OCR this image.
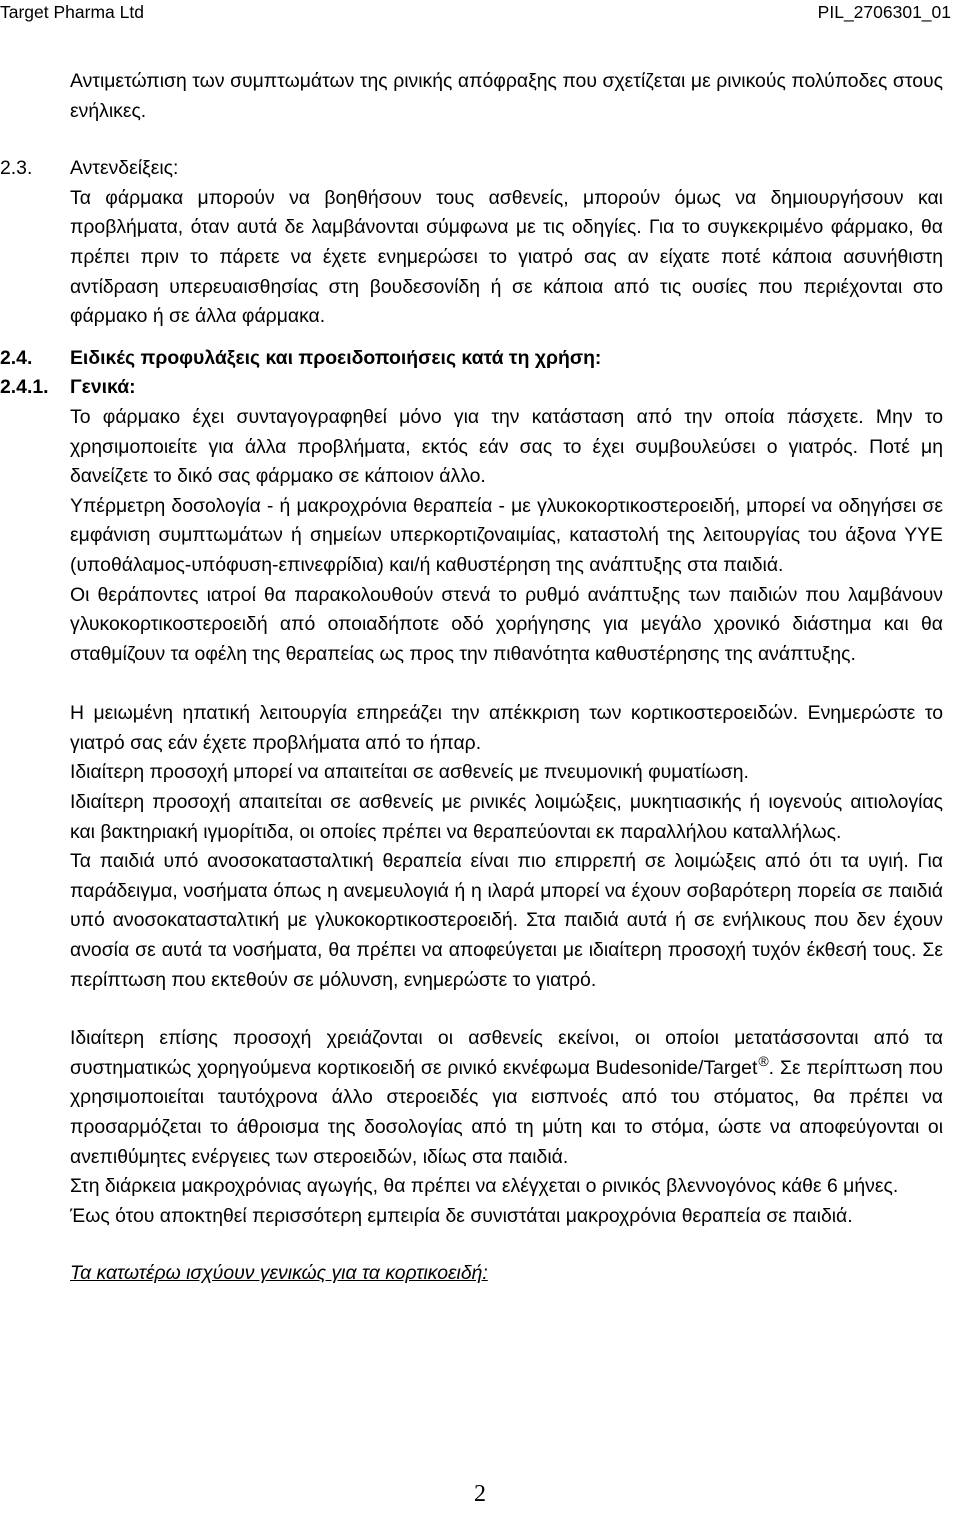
Target Pharma Ltd	PIL_2706301_01

Αντιμετώπιση των συμπτωμάτων της ρινικής απόφραξης που σχετίζεται με ρινικούς πολύποδες στους ενήλικες.

2.3. Αντενδείξεις:

Τα φάρμακα μπορούν να βοηθήσουν τους ασθενείς, μπορούν όμως να δημιουργήσουν και προβλήματα, όταν αυτά δε λαμβάνονται σύμφωνα με τις οδηγίες. Για το συγκεκριμένο φάρμακο, θα πρέπει πριν το πάρετε να έχετε ενημερώσει το γιατρό σας αν είχατε ποτέ κάποια ασυνήθιστη αντίδραση υπερευαισθησίας στη βουδεσονίδη ή σε κάποια από τις ουσίες που περιέχονται στο φάρμακο ή σε άλλα φάρμακα.

2.4. Ειδικές προφυλάξεις και προειδοποιήσεις κατά τη χρήση:
2.4.1. Γενικά:

Το φάρμακο έχει συνταγογραφηθεί μόνο για την κατάσταση από την οποία πάσχετε. Μην το χρησιμοποιείτε για άλλα προβλήματα, εκτός εάν σας το έχει συμβουλεύσει ο γιατρός. Ποτέ μη δανείζετε το δικό σας φάρμακο σε κάποιον άλλο.

Υπέρμετρη δοσολογία - ή μακροχρόνια θεραπεία - με γλυκοκορτικοστεροειδή, μπορεί να οδηγήσει σε εμφάνιση συμπτωμάτων ή σημείων υπερκορτιζοναιμίας, καταστολή της λειτουργίας του άξονα ΥΥΕ (υποθάλαμος-υπόφυση-επινεφρίδια) και/ή καθυστέρηση της ανάπτυξης στα παιδιά.

Οι θεράποντες ιατροί θα παρακολουθούν στενά το ρυθμό ανάπτυξης των παιδιών που λαμβάνουν γλυκοκορτικοστεροειδή από οποιαδήποτε οδό χορήγησης για μεγάλο χρονικό διάστημα και θα σταθμίζουν τα οφέλη της θεραπείας ως προς την πιθανότητα καθυστέρησης της ανάπτυξης.

Η μειωμένη ηπατική λειτουργία επηρεάζει την απέκκριση των κορτικοστεροειδών. Ενημερώστε το γιατρό σας εάν έχετε προβλήματα από το ήπαρ.

Ιδιαίτερη προσοχή μπορεί να απαιτείται σε ασθενείς με πνευμονική φυματίωση.

Ιδιαίτερη προσοχή απαιτείται σε ασθενείς με ρινικές λοιμώξεις, μυκητιασικής ή ιογενούς αιτιολογίας και βακτηριακή ιγμορίτιδα, οι οποίες πρέπει να θεραπεύονται εκ παραλλήλου καταλλήλως.

Τα παιδιά υπό ανοσοκατασταλτική θεραπεία είναι πιο επιρρεπή σε λοιμώξεις από ότι τα υγιή. Για παράδειγμα, νοσήματα όπως η ανεμευλογιά ή η ιλαρά μπορεί να έχουν σοβαρότερη πορεία σε παιδιά υπό ανοσοκατασταλτική με γλυκοκορτικοστεροειδή. Στα παιδιά αυτά ή σε ενήλικους που δεν έχουν ανοσία σε αυτά τα νοσήματα, θα πρέπει να αποφεύγεται με ιδιαίτερη προσοχή τυχόν έκθεσή τους. Σε περίπτωση που εκτεθούν σε μόλυνση, ενημερώστε το γιατρό.

Ιδιαίτερη επίσης προσοχή χρειάζονται οι ασθενείς εκείνοι, οι οποίοι μετατάσσονται από τα συστηματικώς χορηγούμενα κορτικοειδή σε ρινικό εκνέφωμα Budesonide/Target®. Σε περίπτωση που χρησιμοποιείται ταυτόχρονα άλλο στεροειδές για εισπνοές από του στόματος, θα πρέπει να προσαρμόζεται το άθροισμα της δοσολογίας από τη μύτη και το στόμα, ώστε να αποφεύγονται οι ανεπιθύμητες ενέργειες των στεροειδών, ιδίως στα παιδιά.

Στη διάρκεια μακροχρόνιας αγωγής, θα πρέπει να ελέγχεται ο ρινικός βλεννογόνος κάθε 6 μήνες.

Έως ότου αποκτηθεί περισσότερη εμπειρία δε συνιστάται μακροχρόνια θεραπεία σε παιδιά.

Τα κατωτέρω ισχύουν γενικώς για τα κορτικοειδή:

2
